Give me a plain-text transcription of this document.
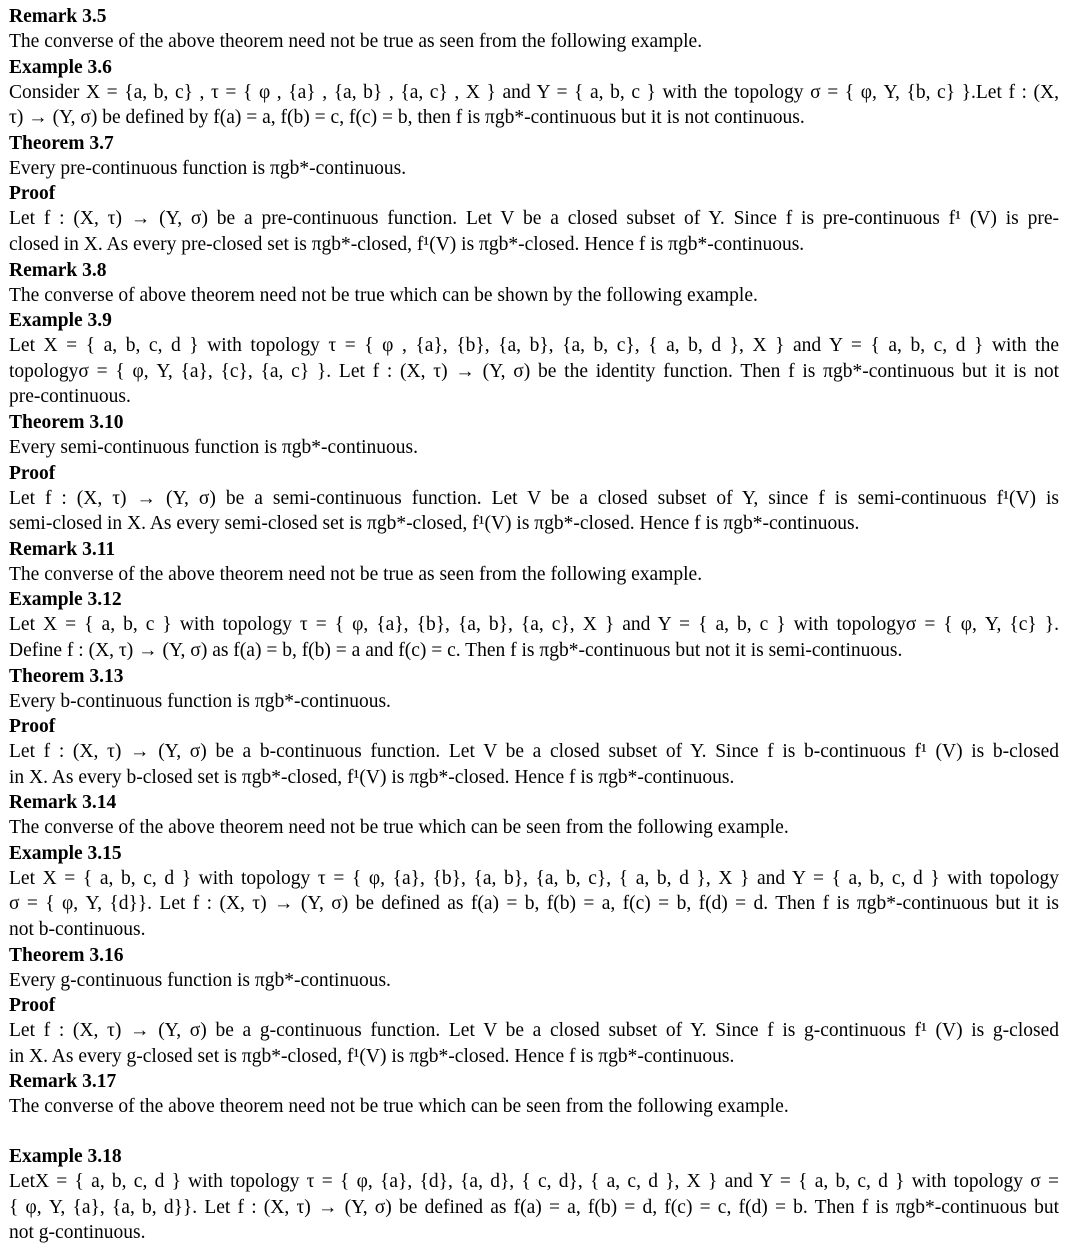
Remark 3.5
The converse of the above theorem need not be true as seen from the following example.
Example 3.6
Consider X = {a, b, c} , τ = { φ , {a} , {a, b} , {a, c} , X } and Y = { a, b, c } with the topology σ = { φ, Y, {b, c} }.Let f : (X,
τ) → (Y, σ) be defined by f(a) = a, f(b) = c, f(c) = b, then f is πgb*-continuous but it is not continuous.
Theorem 3.7
Every pre-continuous function is πgb*-continuous.
Proof
Let f : (X, τ) → (Y, σ) be a pre-continuous function. Let V be a closed subset of Y. Since f is pre-continuous f¹ (V) is pre-
closed in X. As every pre-closed set is πgb*-closed, f¹(V) is πgb*-closed. Hence f is πgb*-continuous.
Remark 3.8
The converse of above theorem need not be true which can be shown by the following example.
Example 3.9
Let X = { a, b, c, d } with topology τ = { φ , {a}, {b}, {a, b}, {a, b, c}, { a, b, d }, X } and Y = { a, b, c, d } with the
topologyσ = { φ, Y, {a}, {c}, {a, c} }. Let f : (X, τ) → (Y, σ) be the identity function. Then f is πgb*-continuous but it is not
pre-continuous.
Theorem 3.10
Every semi-continuous function is πgb*-continuous.
Proof
Let f : (X, τ) → (Y, σ) be a semi-continuous function. Let V be a closed subset of Y, since f is semi-continuous f¹(V) is
semi-closed in X. As every semi-closed set is πgb*-closed, f¹(V) is πgb*-closed. Hence f is πgb*-continuous.
Remark 3.11
The converse of the above theorem need not be true as seen from the following example.
Example 3.12
Let X = { a, b, c } with topology τ = { φ, {a}, {b}, {a, b}, {a, c}, X } and Y = { a, b, c } with topologyσ = { φ, Y, {c} }.
Define f : (X, τ) → (Y, σ) as f(a) = b, f(b) = a and f(c) = c. Then f is πgb*-continuous but not it is semi-continuous.
Theorem 3.13
Every b-continuous function is πgb*-continuous.
Proof
Let f : (X, τ) → (Y, σ) be a b-continuous function. Let V be a closed subset of Y. Since f is b-continuous f¹ (V) is b-closed
in X. As every b-closed set is πgb*-closed, f¹(V) is πgb*-closed. Hence f is πgb*-continuous.
Remark 3.14
The converse of the above theorem need not be true which can be seen from the following example.
Example 3.15
Let X = { a, b, c, d } with topology τ = { φ, {a}, {b}, {a, b}, {a, b, c}, { a, b, d }, X } and Y = { a, b, c, d } with topology
σ = { φ, Y, {d}}. Let f : (X, τ) → (Y, σ) be defined as f(a) = b, f(b) = a, f(c) = b, f(d) = d. Then f is πgb*-continuous but it is
not b-continuous.
Theorem 3.16
Every g-continuous function is πgb*-continuous.
Proof
Let f : (X, τ) → (Y, σ) be a g-continuous function. Let V be a closed subset of Y. Since f is g-continuous f¹ (V) is g-closed
in X. As every g-closed set is πgb*-closed, f¹(V) is πgb*-closed. Hence f is πgb*-continuous.
Remark 3.17
The converse of the above theorem need not be true which can be seen from the following example.
Example 3.18
LetX = { a, b, c, d } with topology τ = { φ, {a}, {d}, {a, d}, { c, d}, { a, c, d }, X } and Y = { a, b, c, d } with topology σ =
{ φ, Y, {a}, {a, b, d}}. Let f : (X, τ) → (Y, σ) be defined as f(a) = a, f(b) = d, f(c) = c, f(d) = b. Then f is πgb*-continuous but
not g-continuous.
